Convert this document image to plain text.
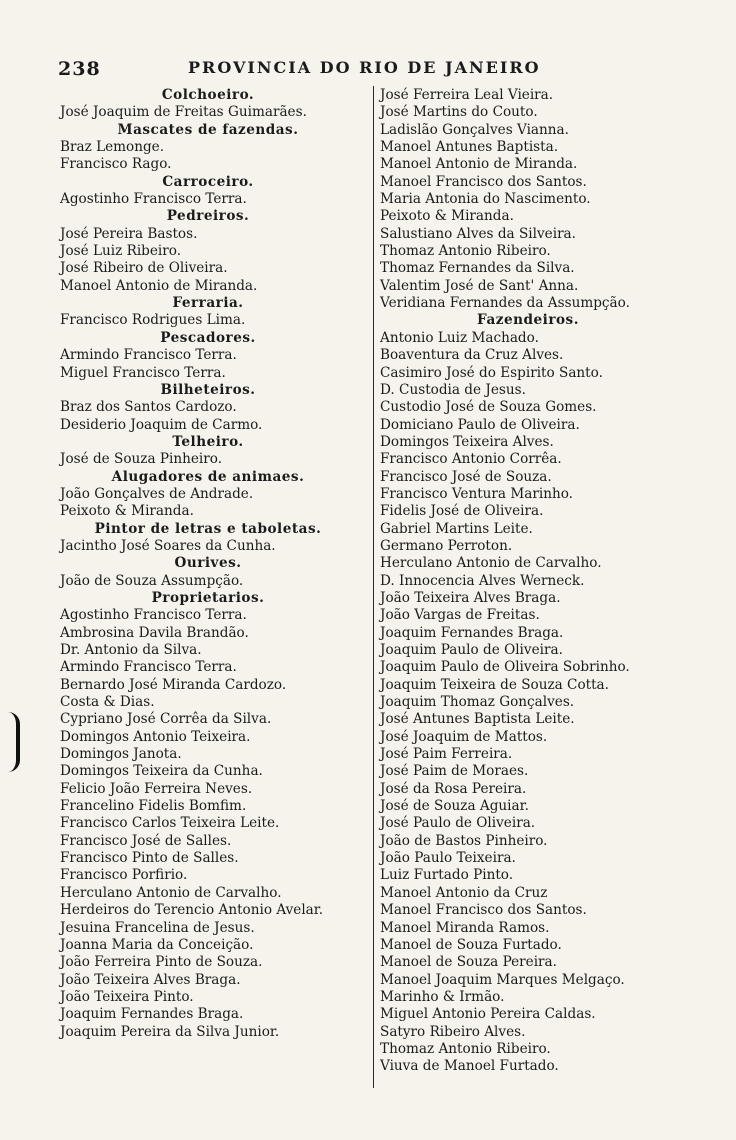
238	PROVINCIA DO RIO DE JANEIRO
Colchoeiro.
José Joaquim de Freitas Guimarães.
Mascates de fazendas.
Braz Lemonge.
Francisco Rago.
Carroceiro.
Agostinho Francisco Terra.
Pedreiros.
José Pereira Bastos.
José Luiz Ribeiro.
José Ribeiro de Oliveira.
Manoel Antonio de Miranda.
Ferraria.
Francisco Rodrigues Lima.
Pescadores.
Armindo Francisco Terra.
Miguel Francisco Terra.
Bilheteiros.
Braz dos Santos Cardozo.
Desiderio Joaquim de Carmo.
Telheiro.
José de Souza Pinheiro.
Alugadores de animaes.
João Gonçalves de Andrade.
Peixoto & Miranda.
Pintor de letras e taboletas.
Jacintho José Soares da Cunha.
Ourives.
João de Souza Assumpção.
Proprietarios.
Agostinho Francisco Terra.
Ambrosina Davila Brandão.
Dr. Antonio da Silva.
Armindo Francisco Terra.
Bernardo José Miranda Cardozo.
Costa & Dias.
Cypriano José Corrêa da Silva.
Domingos Antonio Teixeira.
Domingos Janota.
Domingos Teixeira da Cunha.
Felicio João Ferreira Neves.
Francelino Fidelis Bomfim.
Francisco Carlos Teixeira Leite.
Francisco José de Salles.
Francisco Pinto de Salles.
Francisco Porfirio.
Herculano Antonio de Carvalho.
Herdeiros do Terencio Antonio Avelar.
Jesuina Francelina de Jesus.
Joanna Maria da Conceição.
João Ferreira Pinto de Souza.
João Teixeira Alves Braga.
João Teixeira Pinto.
Joaquim Fernandes Braga.
Joaquim Pereira da Silva Junior.
José Ferreira Leal Vieira.
José Martins do Couto.
Ladislão Gonçalves Vianna.
Manoel Antunes Baptista.
Manoel Antonio de Miranda.
Manoel Francisco dos Santos.
Maria Antonia do Nascimento.
Peixoto & Miranda.
Salustiano Alves da Silveira.
Thomaz Antonio Ribeiro.
Thomaz Fernandes da Silva.
Valentim José de Sant' Anna.
Veridiana Fernandes da Assumpção.
Fazendeiros.
Antonio Luiz Machado.
Boaventura da Cruz Alves.
Casimiro José do Espirito Santo.
D. Custodia de Jesus.
Custodio José de Souza Gomes.
Domiciano Paulo de Oliveira.
Domingos Teixeira Alves.
Francisco Antonio Corrêa.
Francisco José de Souza.
Francisco Ventura Marinho.
Fidelis José de Oliveira.
Gabriel Martins Leite.
Germano Perroton.
Herculano Antonio de Carvalho.
D. Innocencia Alves Werneck.
João Teixeira Alves Braga.
João Vargas de Freitas.
Joaquim Fernandes Braga.
Joaquim Paulo de Oliveira.
Joaquim Paulo de Oliveira Sobrinho.
Joaquim Teixeira de Souza Cotta.
Joaquim Thomaz Gonçalves.
José Antunes Baptista Leite.
José Joaquim de Mattos.
José Paim Ferreira.
José Paim de Moraes.
José da Rosa Pereira.
José de Souza Aguiar.
José Paulo de Oliveira.
João de Bastos Pinheiro.
João Paulo Teixeira.
Luiz Furtado Pinto.
Manoel Antonio da Cruz
Manoel Francisco dos Santos.
Manoel Miranda Ramos.
Manoel de Souza Furtado.
Manoel de Souza Pereira.
Manoel Joaquim Marques Melgaço.
Marinho & Irmão.
Miguel Antonio Pereira Caldas.
Satyro Ribeiro Alves.
Thomaz Antonio Ribeiro.
Viuva de Manoel Furtado.
